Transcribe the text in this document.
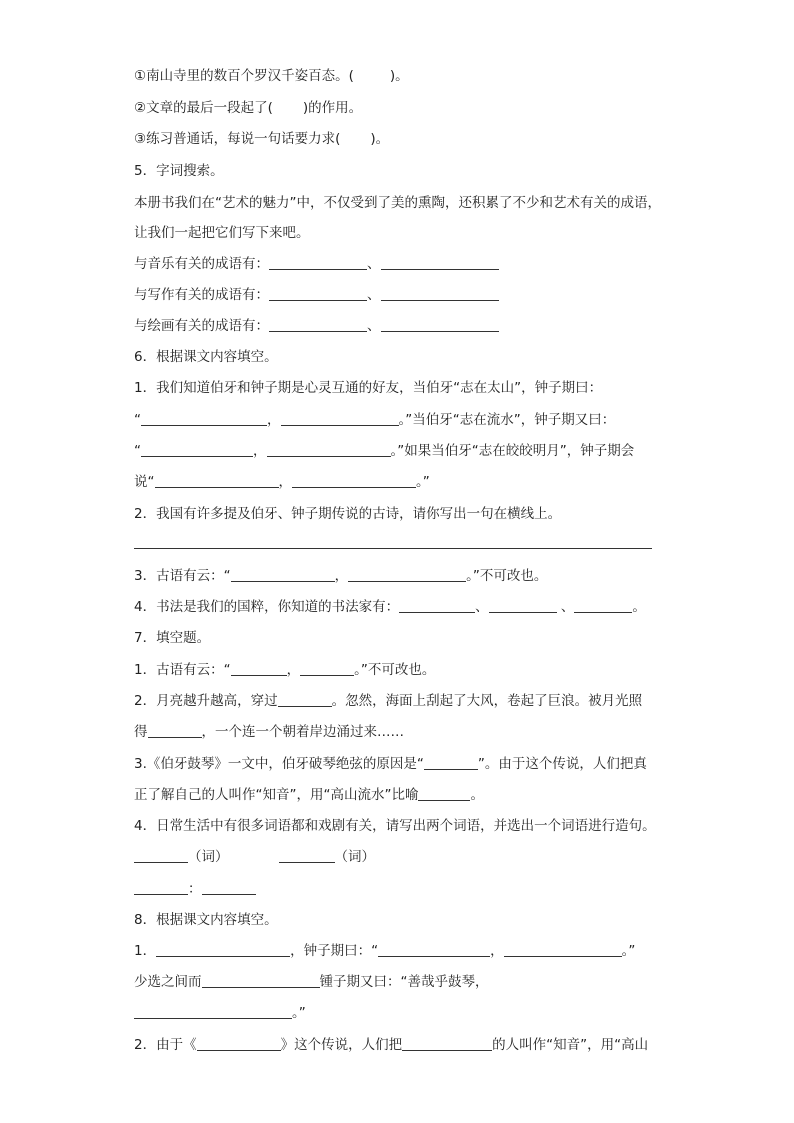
①南山寺里的数百个罗汉千姿百态。(	)。
②文章的最后一段起了( )的作用。
③练习普通话，每说一句话要力求( )。
5．字词搜索。
本册书我们在“艺术的魅力”中，不仅受到了美的熏陶，还积累了不少和艺术有关的成语，
让我们一起把它们写下来吧。
与音乐有关的成语有：	、
与写作有关的成语有：	、
与绘画有关的成语有：	、
6．根据课文内容填空。
1．我们知道伯牙和钟子期是心灵互通的好友，当伯牙“志在太山”，钟子期曰：
“	，	。”当伯牙“志在流水”，钟子期又曰：
“	，	。”如果当伯牙“志在皎皎明月”，钟子期会
说“	，	。”
2．我国有许多提及伯牙、钟子期传说的古诗，请你写出一句在横线上。
3．古语有云：“	，	。”不可改也。
4．书法是我们的国粹，你知道的书法家有：	、	、	。
7．填空题。
1．古语有云：“	，	。”不可改也。
2．月亮越升越高，穿过	。忽然，海面上刮起了大风，卷起了巨浪。被月光照
得	，一个连一个朝着岸边涌过来……
3.《伯牙鼓琴》一文中，伯牙破琴绝弦的原因是“	”。由于这个传说，人们把真
正了解自己的人叫作“知音”，用“高山流水”比喻	。
4．日常生活中有很多词语都和戏剧有关，请写出两个词语，并选出一个词语进行造句。
（词）	（词）
：
8．根据课文内容填空。
1．	，钟子期曰：“	，	。”
少选之间而	锺子期又曰：“善哉乎鼓琴，
。”
2．由于《	》这个传说，人们把	的人叫作“知音”，用“高山
